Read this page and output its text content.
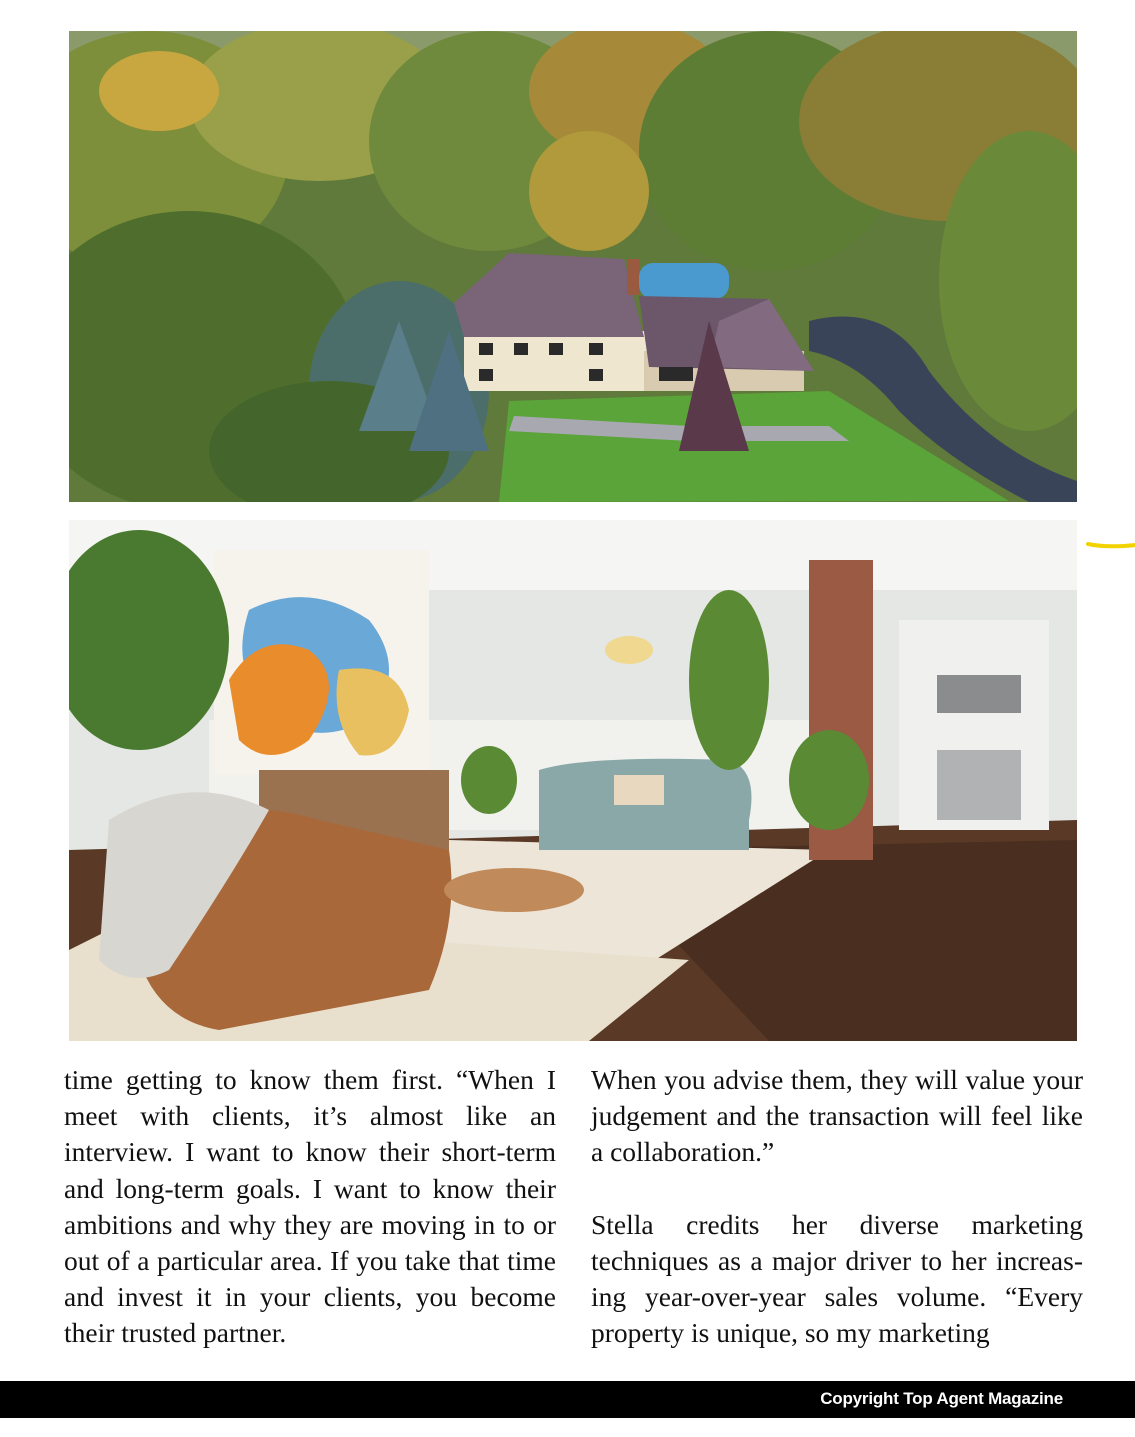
time getting to know them first. “When I meet with clients, it’s almost like an interview. I want to know their short-term and long-term goals. I want to know their ambitions and why they are moving in to or out of a particular area. If you take that time and invest it in your clients, you become their trusted partner.

When you advise them, they will value your judgement and the transaction will feel like a collaboration.”

Stella credits her diverse marketing techniques as a major driver to her increasing year-over-year sales volume. “Every property is unique, so my marketing

Copyright Top Agent Magazine
